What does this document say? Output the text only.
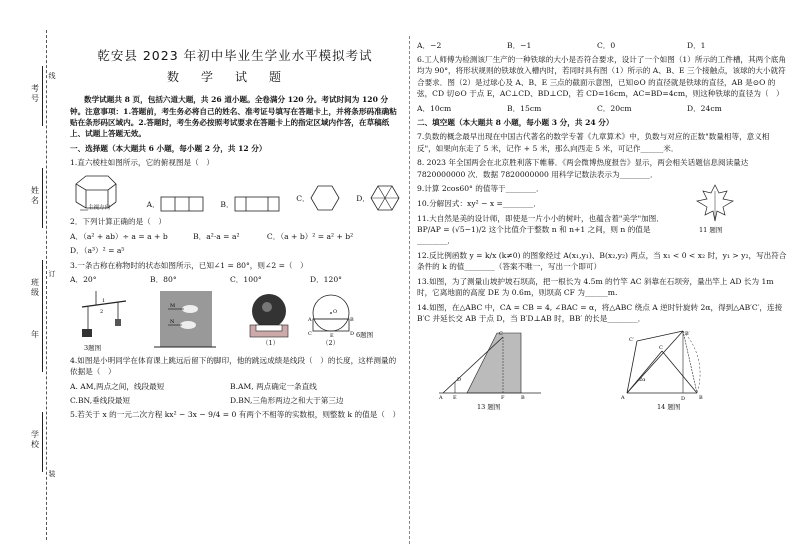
考号
姓名
班级
年
学校
线
订
装
乾安县 2023 年初中毕业生学业水平模拟考试
数学试题
数学试题共 8 页，包括六道大题，共 26 道小题。全卷满分 120 分。考试时间为 120 分钟。注意事项：1.答题前，考生务必将自己的姓名、准考证号填写在答题卡上，并将条形码准确粘贴在条形码区域内。2.答题时，考生务必按照考试要求在答题卡上的指定区域内作答，在草稿纸上、试题上答题无效。
一、选择题（本大题共 6 小题，每小题 2 分，共 12 分）
1.直六棱柱如图所示，它的俯视图是（　）
主视方向	A．	B．
C．	D．
2．下列计算正确的是（　）
A．（a² + ab）÷ a = a + b	B．a²·a = a²	C．（a + b）² = a² + b²
D．（a³）² = a⁵
3.一条古称在称物时的状态如图所示，已知∠1 = 80°，则∠2 =（　）
A．20°	B．80°	C．100°	D．120°
1
2
3题图
M
N
（1）
O
A	B
C	E	D
（2）
6题图
4.如图是小明同学在体育课上跳远后留下的脚印，他的跳远成绩是线段（　）的长度，这样测量的依据是（　）
A. AM,两点之间，线段最短	B.AM, 两点确定一条直线
C.BN,垂线段最短	D.BN,三角形两边之和大于第三边
5.若关于 x 的一元二次方程 kx² − 3x − 9/4 = 0 有两个不相等的实数根，则整数 k 的值是（　）
A．−2	B．−1	C．0	D．1
6.工人师傅为检测该厂生产的一种铁球的大小是否符合要求，设计了一个如图（1）所示的工件槽，其两个底角均为 90°，将形状规则的铁球放入槽内时，若同时具有图（1）所示的 A、B、E 三个接触点，该球的大小就符合要求．图（2）是过球心及 A、B、E 三点的截面示意图，已知⊙O 的直径就是铁球的直径，AB 是⊙O 的弦，CD 切⊙O 于点 E，AC⊥CD、BD⊥CD，若 CD=16cm，AC=BD=4cm，则这种铁球的直径为（　）
A．10cm	B．15cm	C．20cm	D．24cm
二、填空题（本大题共 8 小题，每小题 3 分，共 24 分）
7.负数的概念最早出现在中国古代著名的数学专著《九章算术》中，负数与对应的正数"数量相等，意义相反"，如果向东走了 5 米，记作 + 5 米，那么向西走 5 米，可记作______米．
8. 2023 年全国两会在北京胜利落下帷幕．《两会微博热度报告》显示，两会相关话题信息阅读量达 7820000000 次．数据 7820000000 用科学记数法表示为________．
9.计算 2cos60° 的值等于________．
10.分解因式：xy² − x =________．
11.大自然是美的设计师，即使是一片小小的树叶，也蕴含着"美学"加图．BP/AP = (√5−1)/2 这个比值介于整数 n 和 n+1 之间，则 n 的值是________．
11 题图
12.反比例函数 y = k/x (k≠0) 的图象经过 A(x₁,y₁)、B(x₂,y₂) 两点，当 x₁ < 0 < x₂ 时，y₁ > y₂，写出符合条件的 k 的值________（答案不唯一，写出一个即可）
13.如图，为了测量山坡护坡石坝高，把一根长为 4.5m 的竹竿 AC 斜靠在石坝旁，量出竿上 AD 长为 1m 时，它离地面的高度 DE 为 0.6m，则坝高 CF 为______m.
14.如图，在△ABC 中，CA = CB = 4, ∠BAC = α，将△ABC 绕点 A 逆时针旋转 2α，得到△AB′C′，连接 B′C 并延长交 AB 于点 D，当 B′D⊥AB 时，BB′ 的长是________．
C
A E	B
F
D
13 题图
B′
C′
C
A	D	B
2α
14 题图
